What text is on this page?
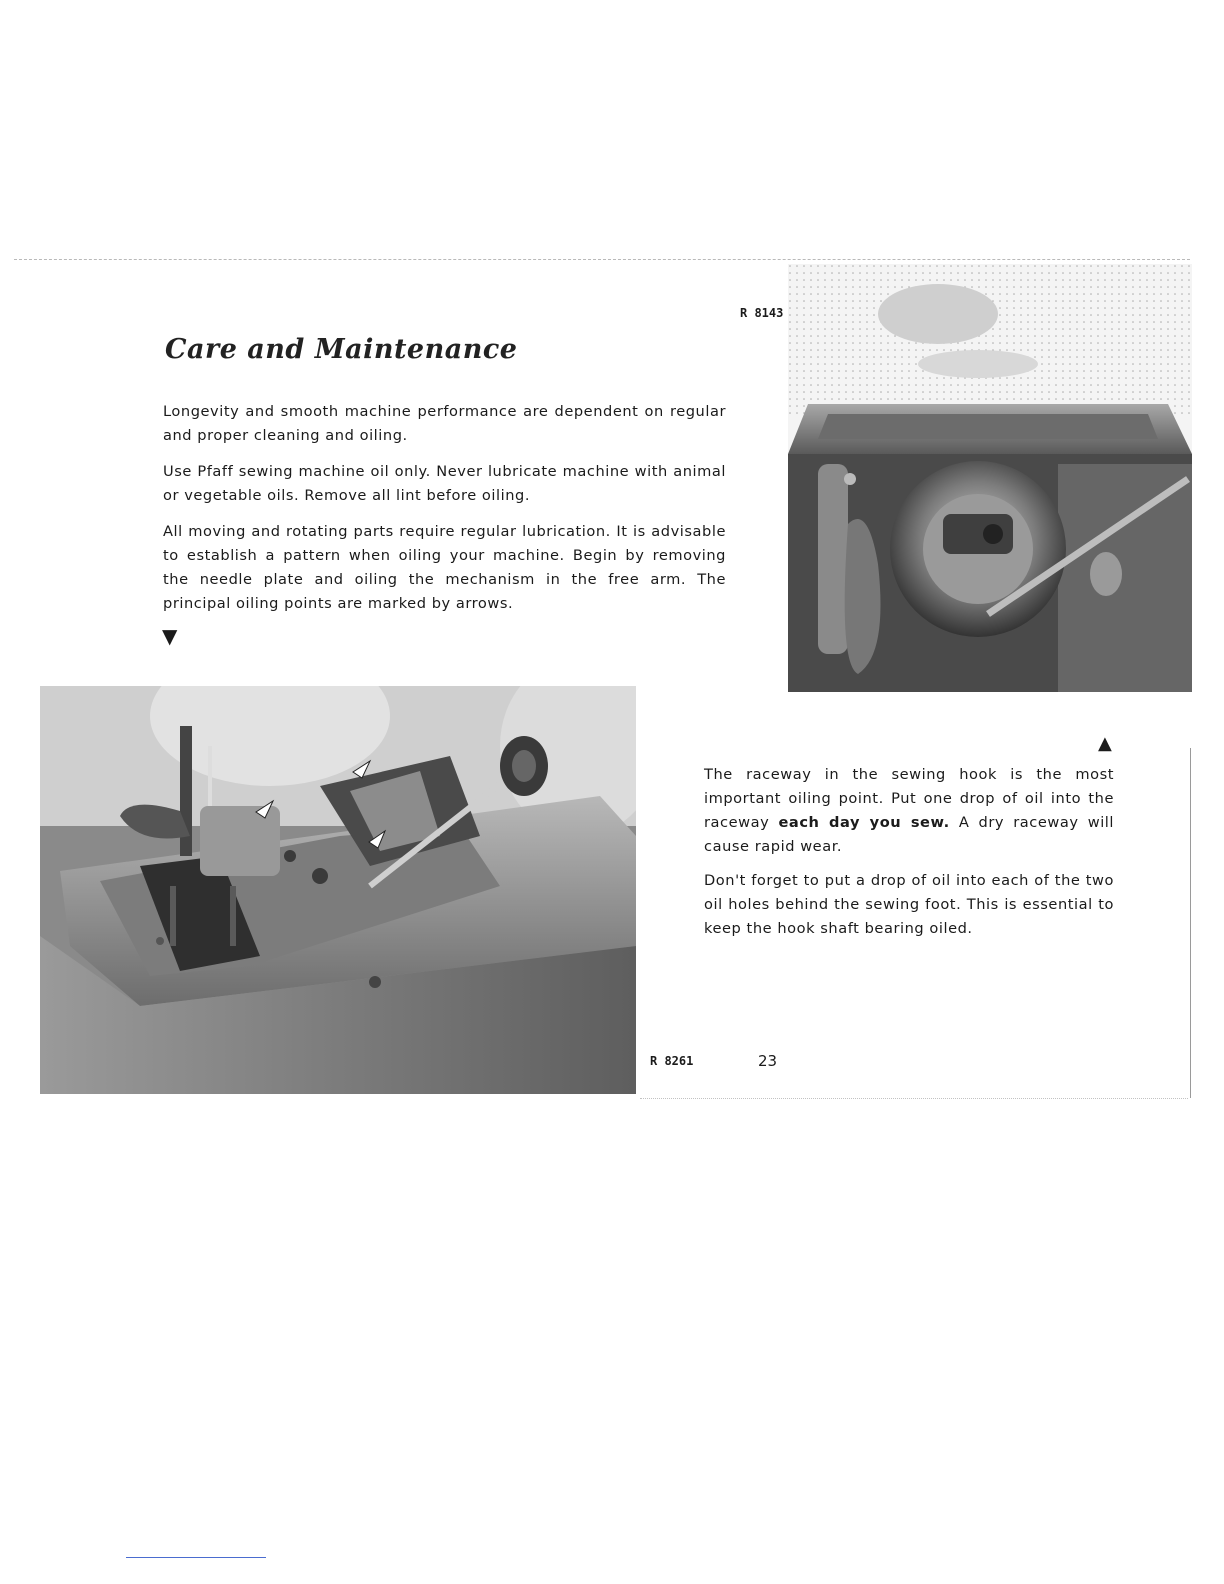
Care and Maintenance

Longevity and smooth machine performance are dependent on regular and proper cleaning and oiling.

Use Pfaff sewing machine oil only. Never lubricate machine with animal or vegetable oils. Remove all lint before oiling.

All moving and rotating parts require regular lubrication. It is advisable to establish a pattern when oiling your machine. Begin by removing the needle plate and oiling the mechanism in the free arm. The principal oiling points are marked by arrows.

▼
▲
R 8143
R 8261	23

The raceway in the sewing hook is the most important oiling point. Put one drop of oil into the raceway each day you sew. A dry raceway will cause rapid wear.

Don't forget to put a drop of oil into each of the two oil holes behind the sewing foot. This is essential to keep the hook shaft bearing oiled.
